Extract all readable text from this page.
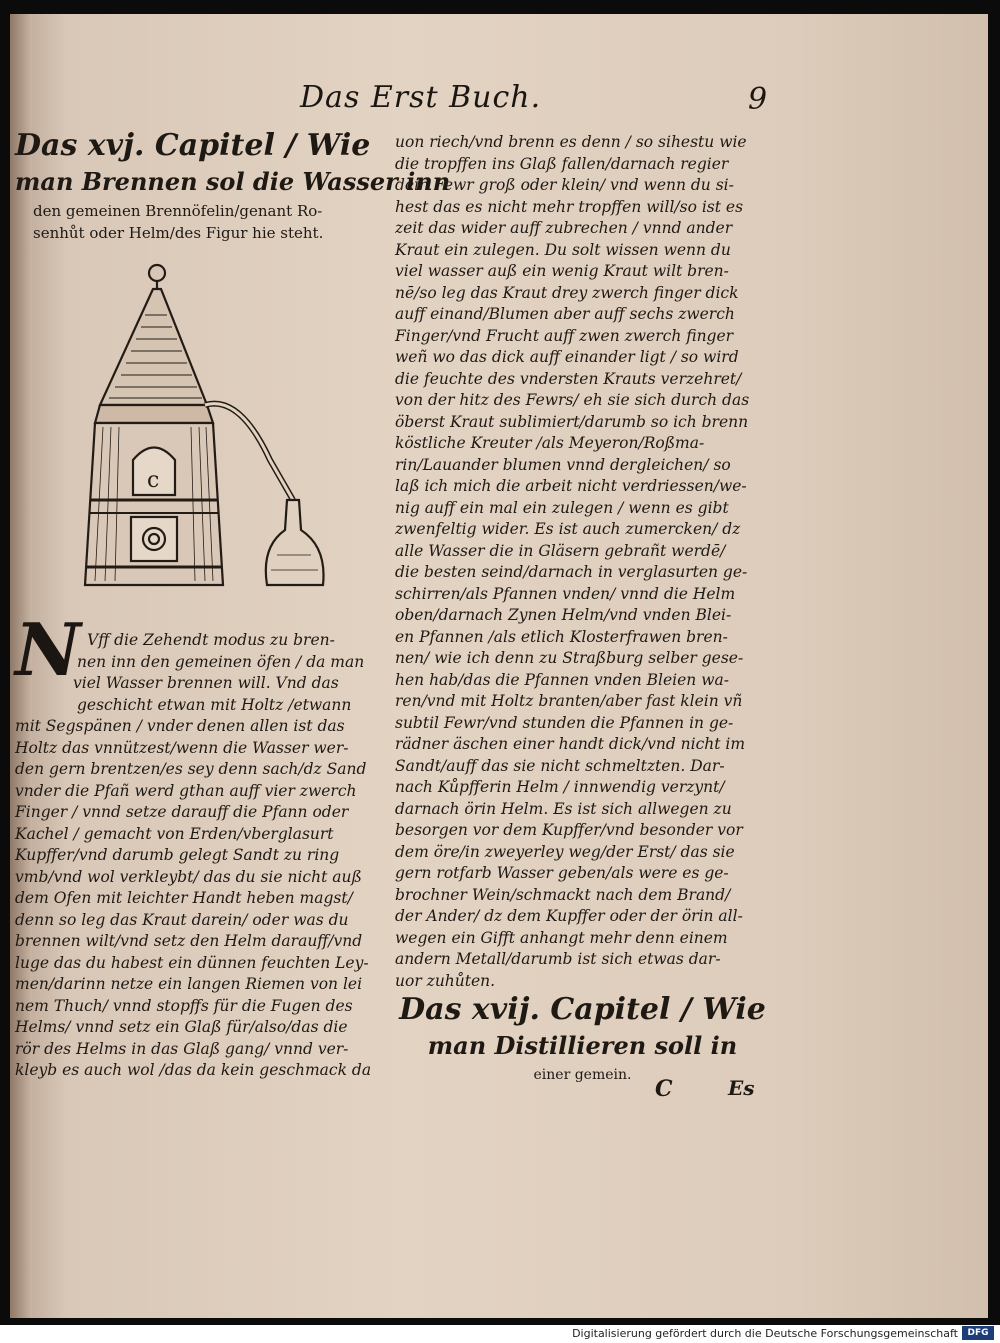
Das Erst Buch.	9
Das xvj. Capitel / Wie
man Brennen sol die Wasser inn
den gemeinen Brennöfelin/genant Ro-
senhůt oder Helm/des Figur hie steht.
c
N Vff die Zehendt modus zu bren-
nen inn den gemeinen öfen / da man
viel Wasser brennen will. Vnd das
geschicht etwan mit Holtz /etwann
mit Segspänen / vnder denen allen ist das
Holtz das vnnützest/wenn die Wasser wer-
den gern brentzen/es sey denn sach/dz Sand
vnder die Pfañ werd gthan auff vier zwerch
Finger / vnnd setze darauff die Pfann oder
Kachel / gemacht von Erden/vberglasurt
Kupffer/vnd darumb gelegt Sandt zu ring
vmb/vnd wol verkleybt/ das du sie nicht auß
dem Ofen mit leichter Handt heben magst/
denn so leg das Kraut darein/ oder was du
brennen wilt/vnd setz den Helm darauff/vnd
luge das du habest ein dünnen feuchten Ley-
men/darinn netze ein langen Riemen von lei
nem Thuch/ vnnd stopffs für die Fugen des
Helms/ vnnd setz ein Glaß für/also/das die
rör des Helms in das Glaß gang/ vnnd ver-
kleyb es auch wol /das da kein geschmack da
uon riech/vnd brenn es denn / so sihestu wie
die tropffen ins Glaß fallen/darnach regier
dein Fewr groß oder klein/ vnd wenn du si-
hest das es nicht mehr tropffen will/so ist es
zeit das wider auff zubrechen / vnnd ander
Kraut ein zulegen. Du solt wissen wenn du
viel wasser auß ein wenig Kraut wilt bren-
nē/so leg das Kraut drey zwerch finger dick
auff einand/Blumen aber auff sechs zwerch
Finger/vnd Frucht auff zwen zwerch finger
weñ wo das dick auff einander ligt / so wird
die feuchte des vndersten Krauts verzehret/
von der hitz des Fewrs/ eh sie sich durch das
öberst Kraut sublimiert/darumb so ich brenn
köstliche Kreuter /als Meyeron/Roßma-
rin/Lauander blumen vnnd dergleichen/ so
laß ich mich die arbeit nicht verdriessen/we-
nig auff ein mal ein zulegen / wenn es gibt
zwenfeltig wider. Es ist auch zumercken/ dz
alle Wasser die in Gläsern gebrañt werdē/
die besten seind/darnach in verglasurten ge-
schirren/als Pfannen vnden/ vnnd die Helm
oben/darnach Zynen Helm/vnd vnden Blei-
en Pfannen /als etlich Klosterfrawen bren-
nen/ wie ich denn zu Straßburg selber gese-
hen hab/das die Pfannen vnden Bleien wa-
ren/vnd mit Holtz branten/aber fast klein vñ
subtil Fewr/vnd stunden die Pfannen in ge-
rädner äschen einer handt dick/vnd nicht im
Sandt/auff das sie nicht schmeltzten. Dar-
nach Kůpfferin Helm / innwendig verzynt/
darnach örin Helm. Es ist sich allwegen zu
besorgen vor dem Kupffer/vnd besonder vor
dem öre/in zweyerley weg/der Erst/ das sie
gern rotfarb Wasser geben/als were es ge-
brochner Wein/schmackt nach dem Brand/
der Ander/ dz dem Kupffer oder der örin all-
wegen ein Gifft anhangt mehr denn einem
andern Metall/darumb ist sich etwas dar-
uor zuhůten.
Das xvij. Capitel / Wie
man Distillieren soll in
einer gemein.
C	Es
Digitalisierung gefördert durch die Deutsche Forschungsgemeinschaft	DFG
